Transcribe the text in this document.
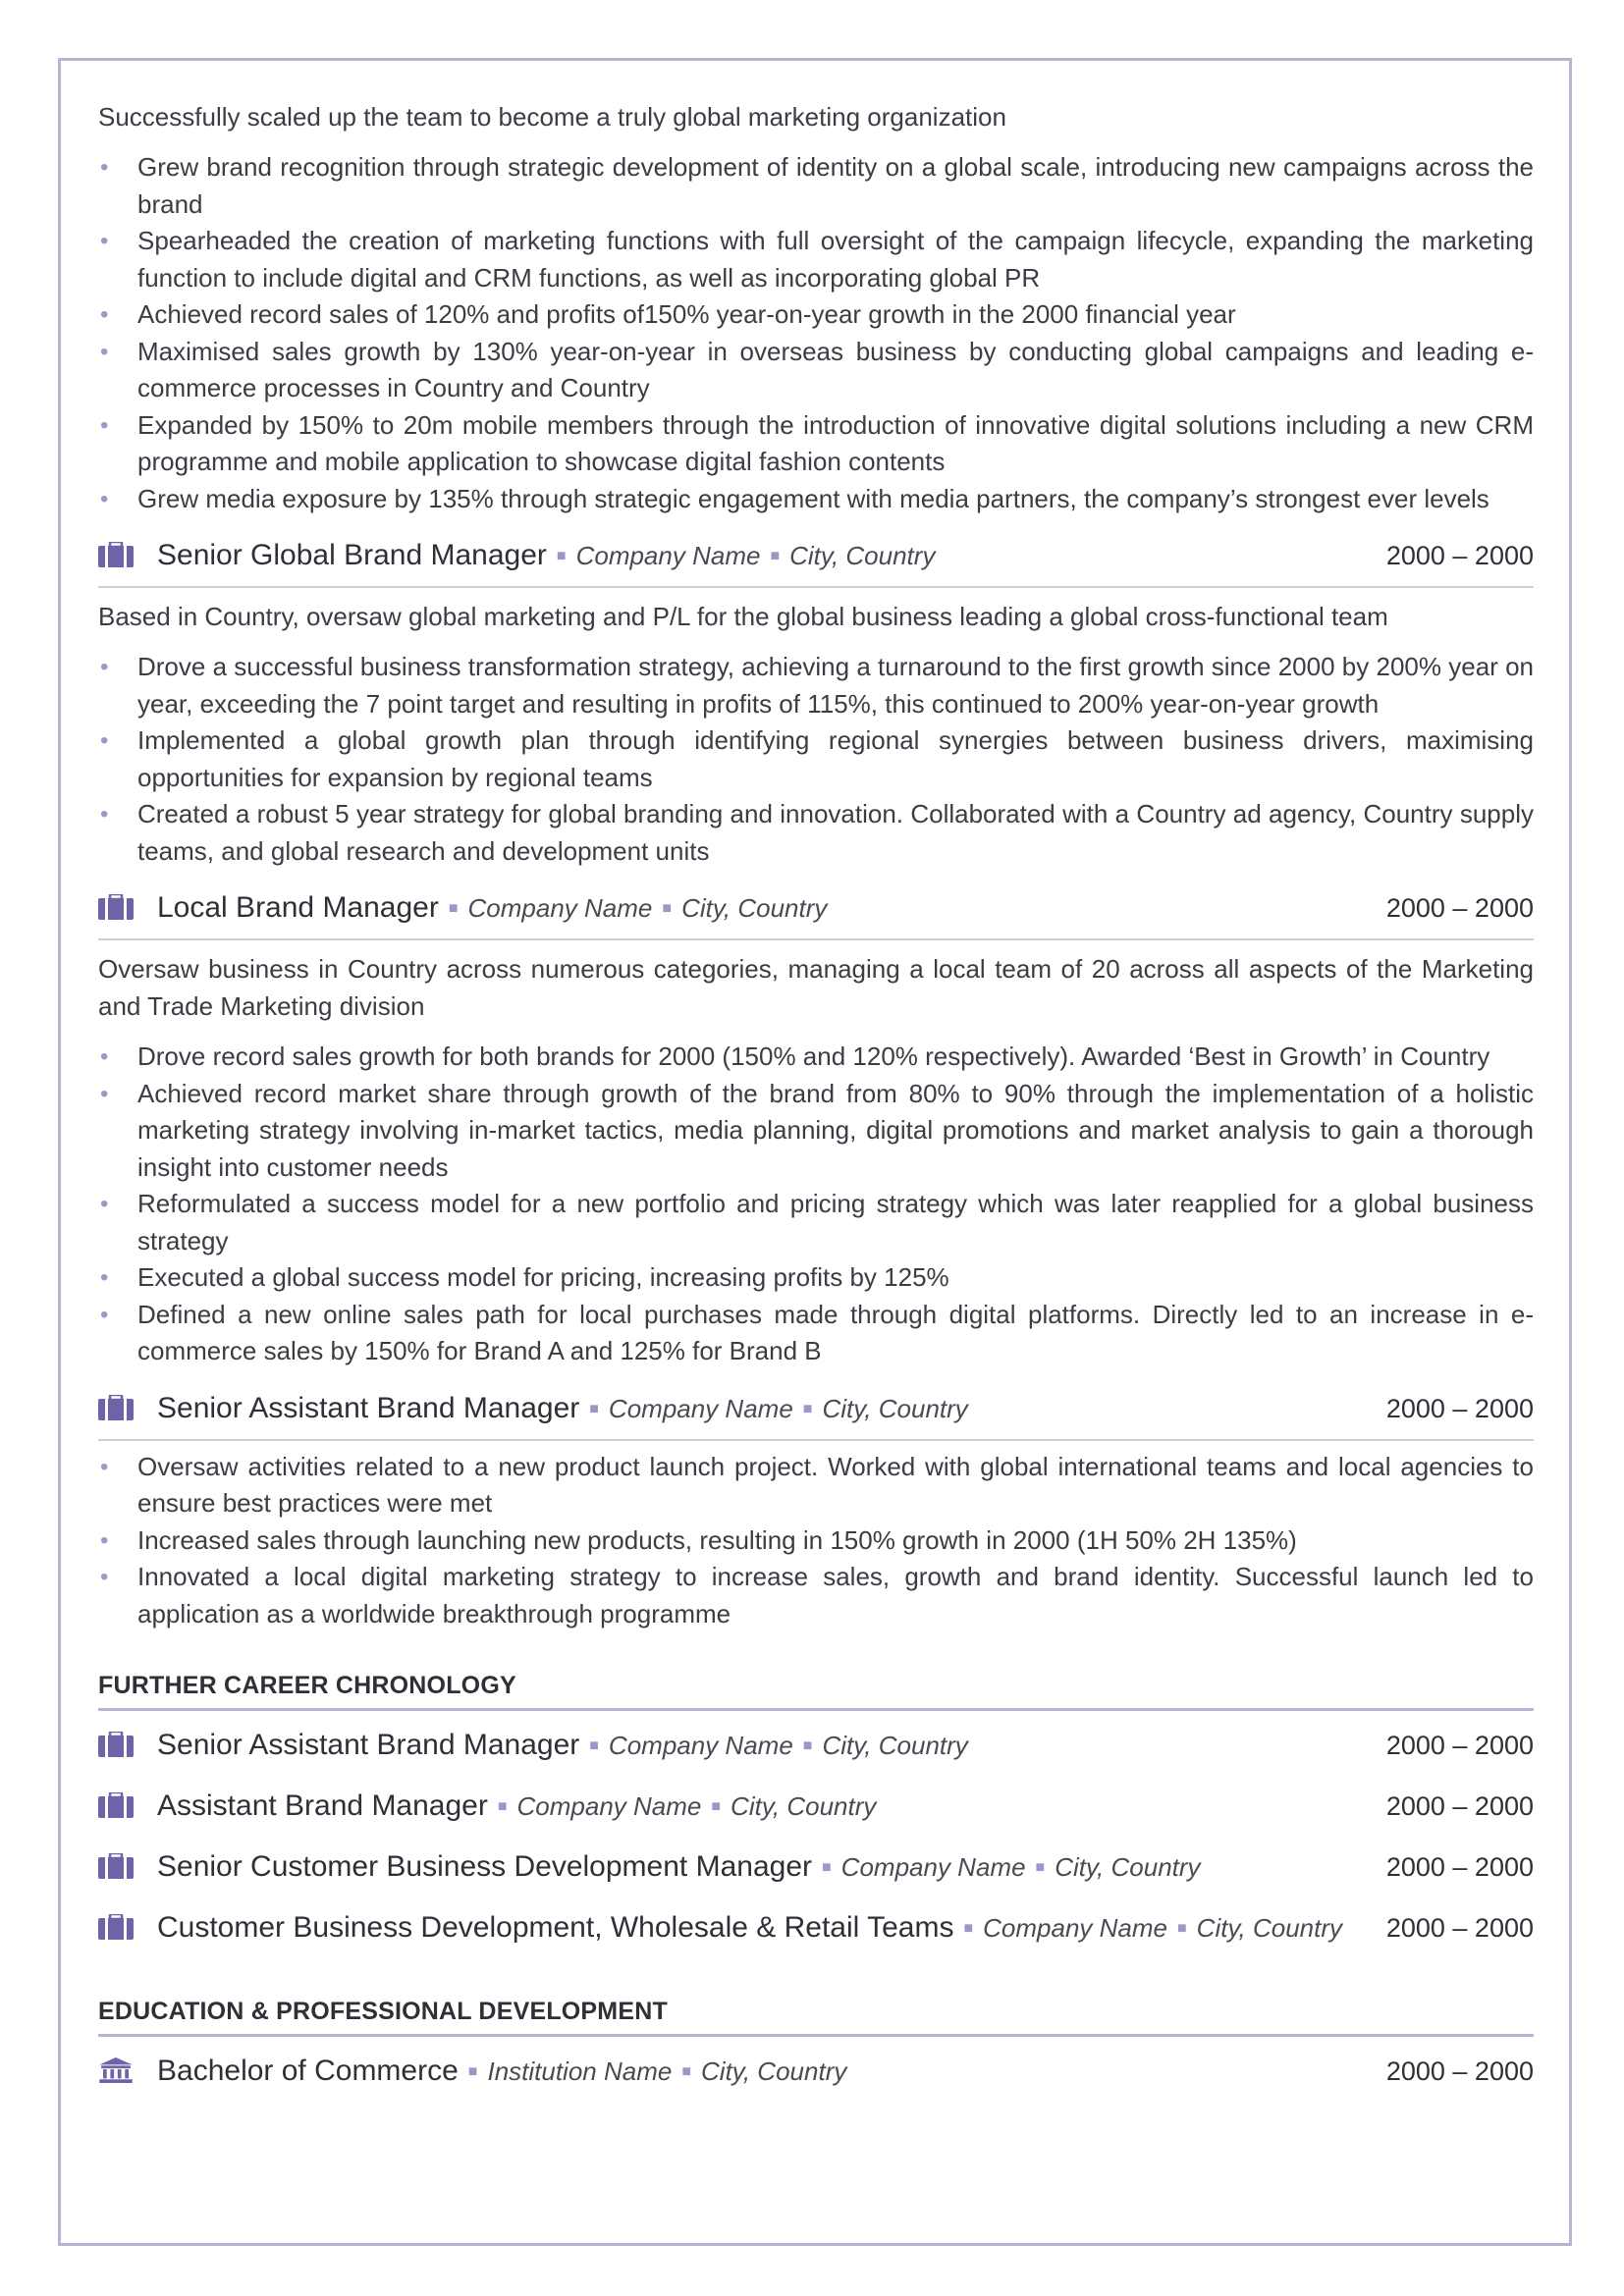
Successfully scaled up the team to become a truly global marketing organization

• Grew brand recognition through strategic development of identity on a global scale, introducing new campaigns across the brand
• Spearheaded the creation of marketing functions with full oversight of the campaign lifecycle, expanding the marketing function to include digital and CRM functions, as well as incorporating global PR
• Achieved record sales of 120% and profits of150% year-on-year growth in the 2000 financial year
• Maximised sales growth by 130% year-on-year in overseas business by conducting global campaigns and leading e-commerce processes in Country and Country
• Expanded by 150% to 20m mobile members through the introduction of innovative digital solutions including a new CRM programme and mobile application to showcase digital fashion contents
• Grew media exposure by 135% through strategic engagement with media partners, the company’s strongest ever levels
Senior Global Brand Manager ■ Company Name ■ City, Country	2000 – 2000
Based in Country, oversaw global marketing and P/L for the global business leading a global cross-functional team
• Drove a successful business transformation strategy, achieving a turnaround to the first growth since 2000 by 200% year on year, exceeding the 7 point target and resulting in profits of 115%, this continued to 200% year-on-year growth
• Implemented a global growth plan through identifying regional synergies between business drivers, maximising opportunities for expansion by regional teams
• Created a robust 5 year strategy for global branding and innovation. Collaborated with a Country ad agency, Country supply teams, and global research and development units
Local Brand Manager ■ Company Name ■ City, Country	2000 – 2000
Oversaw business in Country across numerous categories, managing a local team of 20 across all aspects of the Marketing and Trade Marketing division
• Drove record sales growth for both brands for 2000 (150% and 120% respectively). Awarded ‘Best in Growth’ in Country
• Achieved record market share through growth of the brand from 80% to 90% through the implementation of a holistic marketing strategy involving in-market tactics, media planning, digital promotions and market analysis to gain a thorough insight into customer needs
• Reformulated a success model for a new portfolio and pricing strategy which was later reapplied for a global business strategy
• Executed a global success model for pricing, increasing profits by 125%
• Defined a new online sales path for local purchases made through digital platforms. Directly led to an increase in e-commerce sales by 150% for Brand A and 125% for Brand B
Senior Assistant Brand Manager ■ Company Name ■ City, Country	2000 – 2000
• Oversaw activities related to a new product launch project. Worked with global international teams and local agencies to ensure best practices were met
• Increased sales through launching new products, resulting in 150% growth in 2000 (1H 50% 2H 135%)
• Innovated a local digital marketing strategy to increase sales, growth and brand identity. Successful launch led to application as a worldwide breakthrough programme
FURTHER CAREER CHRONOLOGY
Senior Assistant Brand Manager ■ Company Name ■ City, Country	2000 – 2000
Assistant Brand Manager ■ Company Name ■ City, Country	2000 – 2000
Senior Customer Business Development Manager ■ Company Name ■ City, Country	2000 – 2000
Customer Business Development, Wholesale & Retail Teams ■ Company Name ■ City, Country 2000 – 2000
EDUCATION & PROFESSIONAL DEVELOPMENT
Bachelor of Commerce ■ Institution Name ■ City, Country	2000 – 2000
